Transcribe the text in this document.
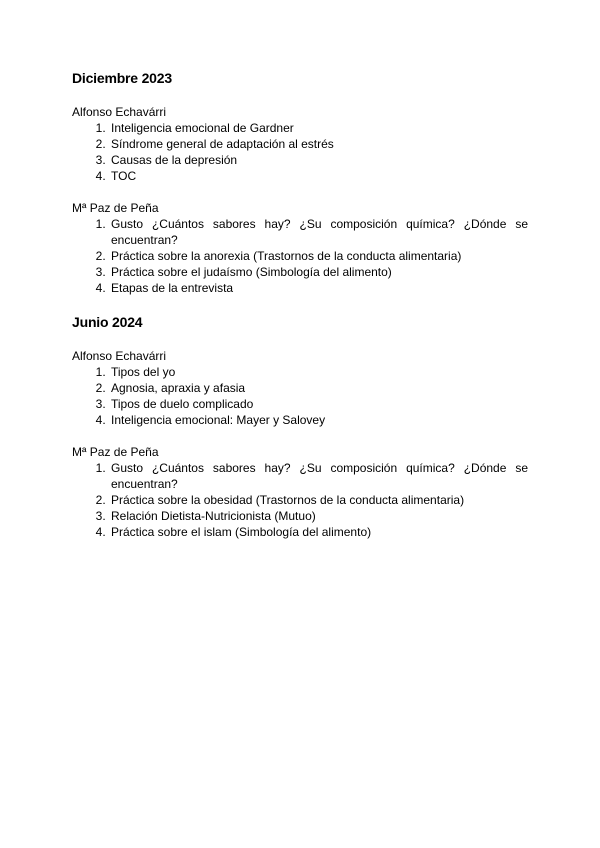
Diciembre 2023

Alfonso Echavárri

1. Inteligencia emocional de Gardner
2. Síndrome general de adaptación al estrés
3. Causas de la depresión
4. TOC

Mª Paz de Peña

1. Gusto ¿Cuántos sabores hay? ¿Su composición química? ¿Dónde se encuentran?
2. Práctica sobre la anorexia (Trastornos de la conducta alimentaria)
3. Práctica sobre el judaísmo (Simbología del alimento)
4. Etapas de la entrevista
Junio 2024

Alfonso Echavárri

1. Tipos del yo
2. Agnosia, apraxia y afasia
3. Tipos de duelo complicado
4. Inteligencia emocional: Mayer y Salovey

Mª Paz de Peña

1. Gusto ¿Cuántos sabores hay? ¿Su composición química? ¿Dónde se encuentran?
2. Práctica sobre la obesidad (Trastornos de la conducta alimentaria)
3. Relación Dietista-Nutricionista (Mutuo)
4. Práctica sobre el islam (Simbología del alimento)
